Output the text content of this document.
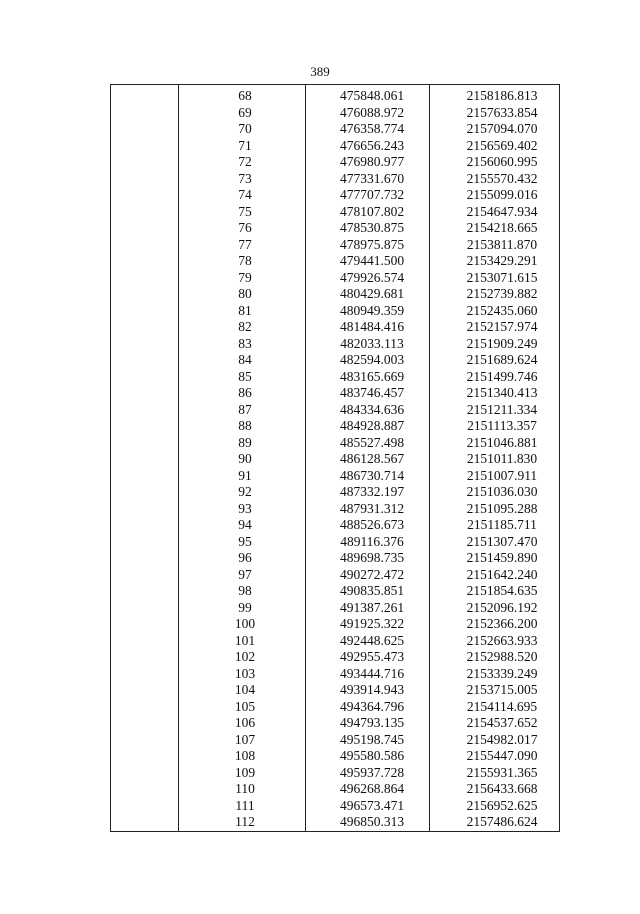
389
68	475848.061	2158186.813
69	476088.972	2157633.854
70	476358.774	2157094.070
71	476656.243	2156569.402
72	476980.977	2156060.995
73	477331.670	2155570.432
74	477707.732	2155099.016
75	478107.802	2154647.934
76	478530.875	2154218.665
77	478975.875	2153811.870
78	479441.500	2153429.291
79	479926.574	2153071.615
80	480429.681	2152739.882
81	480949.359	2152435.060
82	481484.416	2152157.974
83	482033.113	2151909.249
84	482594.003	2151689.624
85	483165.669	2151499.746
86	483746.457	2151340.413
87	484334.636	2151211.334
88	484928.887	2151113.357
89	485527.498	2151046.881
90	486128.567	2151011.830
91	486730.714	2151007.911
92	487332.197	2151036.030
93	487931.312	2151095.288
94	488526.673	2151185.711
95	489116.376	2151307.470
96	489698.735	2151459.890
97	490272.472	2151642.240
98	490835.851	2151854.635
99	491387.261	2152096.192
100	491925.322	2152366.200
101	492448.625	2152663.933
102	492955.473	2152988.520
103	493444.716	2153339.249
104	493914.943	2153715.005
105	494364.796	2154114.695
106	494793.135	2154537.652
107	495198.745	2154982.017
108	495580.586	2155447.090
109	495937.728	2155931.365
110	496268.864	2156433.668
111	496573.471	2156952.625
112	496850.313	2157486.624
